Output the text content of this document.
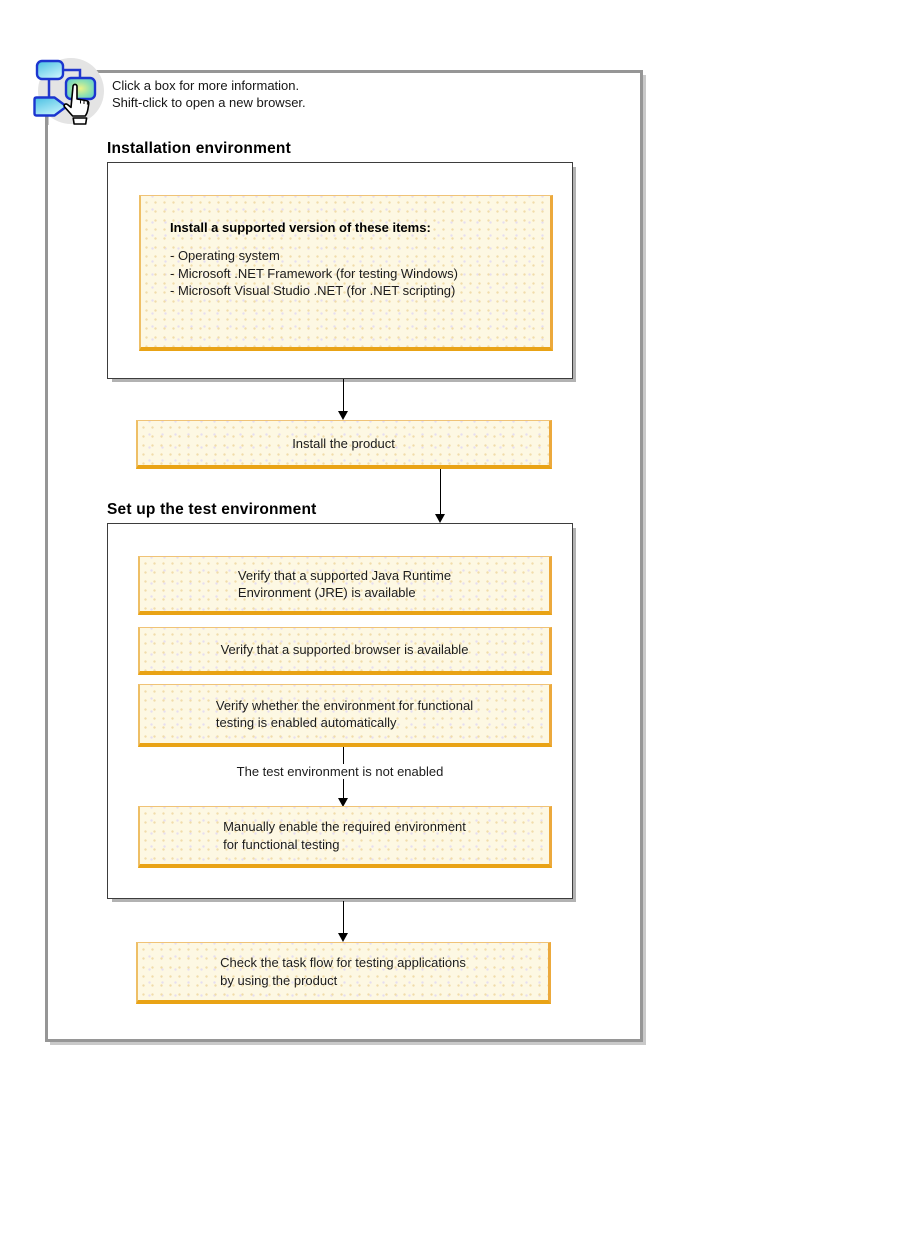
Click a box for more information.
Shift-click to open a new browser.
Installation environment
Install a supported version of these items:
- Operating system
- Microsoft .NET Framework (for testing Windows)
- Microsoft Visual Studio .NET (for .NET scripting)
Install the product
Set up the test environment
Verify that a supported Java Runtime
Environment (JRE) is available
Verify that a supported browser is available
Verify whether the environment for functional
testing is enabled automatically
The test environment is not enabled
Manually enable the required environment
for functional testing
Check the task flow for testing applications
by using the product
